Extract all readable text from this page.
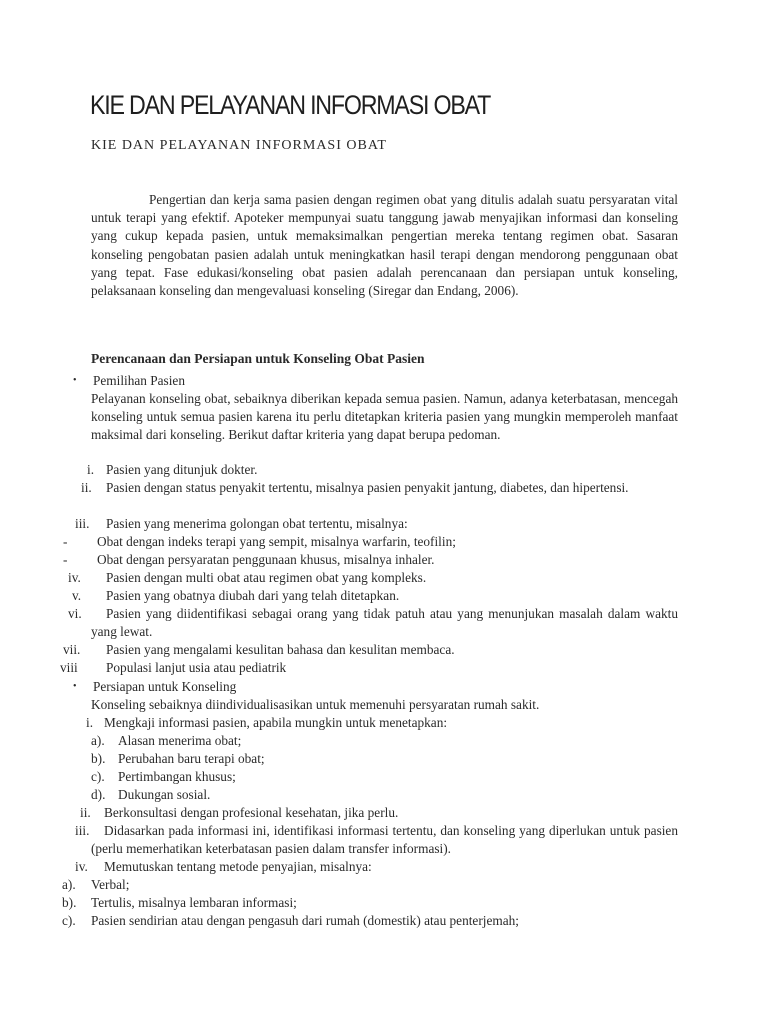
KIE DAN PELAYANAN INFORMASI OBAT
KIE DAN PELAYANAN INFORMASI OBAT

Pengertian dan kerja sama pasien dengan regimen obat yang ditulis adalah suatu persyaratan vital untuk terapi yang efektif. Apoteker mempunyai suatu tanggung jawab menyajikan informasi dan konseling yang cukup kepada pasien, untuk memaksimalkan pengertian mereka tentang regimen obat. Sasaran konseling pengobatan pasien adalah untuk meningkatkan hasil terapi dengan mendorong penggunaan obat yang tepat. Fase edukasi/konseling obat pasien adalah perencanaan dan persiapan untuk konseling, pelaksanaan konseling dan mengevaluasi konseling (Siregar dan Endang, 2006).

Perencanaan dan Persiapan untuk Konseling Obat Pasien
• Pemilihan Pasien

Pelayanan konseling obat, sebaiknya diberikan kepada semua pasien. Namun, adanya keterbatasan, mencegah konseling untuk semua pasien karena itu perlu ditetapkan kriteria pasien yang mungkin memperoleh manfaat maksimal dari konseling. Berikut daftar kriteria yang dapat berupa pedoman.

i. Pasien yang ditunjuk dokter.
ii.	Pasien dengan status penyakit tertentu, misalnya pasien penyakit jantung, diabetes, dan hipertensi.

iii. Pasien yang menerima golongan obat tertentu, misalnya:
- Obat dengan indeks terapi yang sempit, misalnya warfarin, teofilin;
- Obat dengan persyaratan penggunaan khusus, misalnya inhaler.
iv. Pasien dengan multi obat atau regimen obat yang kompleks.
v. Pasien yang obatnya diubah dari yang telah ditetapkan.
vi.	Pasien yang diidentifikasi sebagai orang yang tidak patuh atau yang menunjukan masalah dalam waktu yang lewat.

vii. Pasien yang mengalami kesulitan bahasa dan kesulitan membaca.
viii Populasi lanjut usia atau pediatrik
• Persiapan untuk Konseling
Konseling sebaiknya diindividualisasikan untuk memenuhi persyaratan rumah sakit.
i. Mengkaji informasi pasien, apabila mungkin untuk menetapkan:
a). Alasan menerima obat;
b). Perubahan baru terapi obat;
c). Pertimbangan khusus;
d). Dukungan sosial.
ii. Berkonsultasi dengan profesional kesehatan, jika perlu.
iii.	Didasarkan pada informasi ini, identifikasi informasi tertentu, dan konseling yang diperlukan untuk pasien (perlu memerhatikan keterbatasan pasien dalam transfer informasi).

iv. Memutuskan tentang metode penyajian, misalnya:
a). Verbal;
b). Tertulis, misalnya lembaran informasi;
c). Pasien sendirian atau dengan pengasuh dari rumah (domestik) atau penterjemah;
